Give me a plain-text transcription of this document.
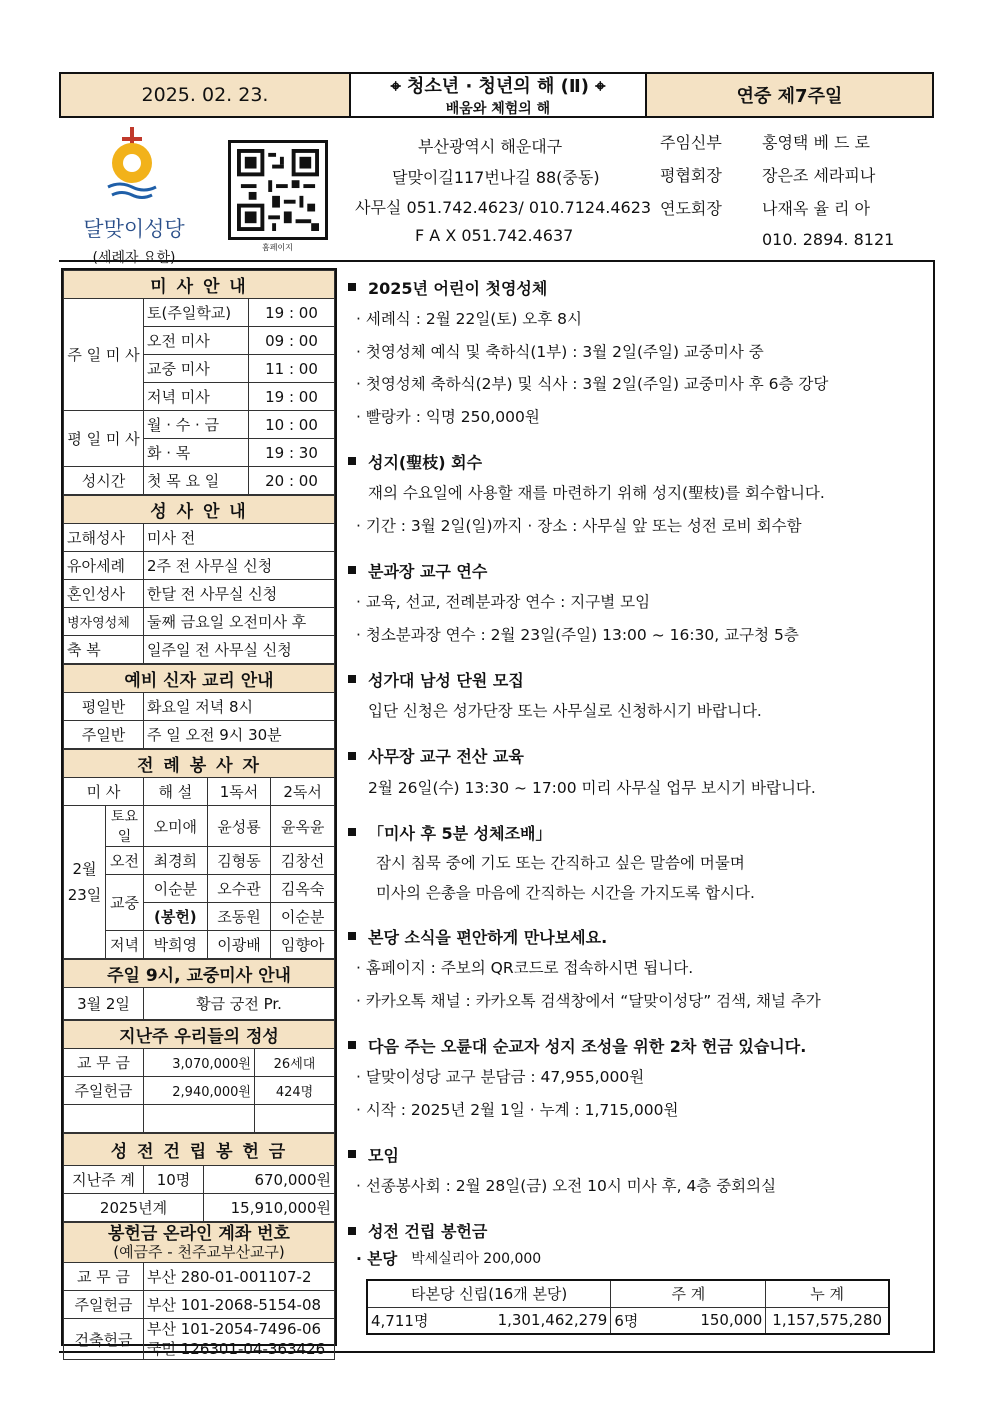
2025. 02. 23.	⌖ 청소년 · 청년의 해 (Ⅱ) ⌖
배움와 체험의 해
연중 제7주일
달맞이성당
(세례자 요한)
홈페이지
부산광역시 해운대구
달맞이길117번나길 88(중동)
사무실 051.742.4623/ 010.7124.4623
F A X 051.742.4637
주임신부	홍영택 베 드 로
평협회장	장은조 세라피나
연도회장	나재옥 율 리 아
010. 2894. 8121
미 사 안 내		
주 일 미 사	토(주일학교)	19 : 00
	오전 미사	09 : 00
	교중 미사	11 : 00
	저녁 미사	19 : 00
평 일 미 사	월 · 수 · 금	10 : 00
	화 · 목	19 : 30
성시간	첫 목 요 일	20 : 00
성 사 안 내	
고해성사	미사 전
유아세례	2주 전 사무실 신청
혼인성사	한달 전 사무실 신청
병자영성체	둘째 금요일 오전미사 후
축 복	일주일 전 사무실 신청
예비 신자 교리 안내	
평일반	화요일 저녁 8시
주일반	주 일 오전 9시 30분
전 례 봉 사 자				
미 사		해 설	1독서	2독서
2월 23일	토요일	오미애	윤성룡	윤옥윤
	오전	최경희	김형동	김창선
	교중	이순분	오수관	김옥숙
		(봉헌)	조동원	이순분
	저녁	박희영	이광배	임향아
주일 9시, 교중미사 안내
3월 2일	황금 궁전 Pr.
지난주 우리들의 정성		
교 무 금	3,070,000원	26세대
주일헌금	2,940,000원	424명

성 전 건 립 봉 헌 금		
지난주 계	10명	670,000원
2025년계		15,910,000원
봉헌금 온라인 계좌 번호
(예금주 - 천주교부산교구)	

교 무 금	부산 280-01-001107-2
주일헌금	부산 101-2068-5154-08
건축헌금	부산 101-2054-7496-06
국민 126301-04-363426
2025년 어린이 첫영성체
· 세례식 : 2월 22일(토) 오후 8시
· 첫영성체 예식 및 축하식(1부) : 3월 2일(주일) 교중미사 중
· 첫영성체 축하식(2부) 및 식사 : 3월 2일(주일) 교중미사 후 6층 강당
· 빨랑카 : 익명 250,000원
성지(聖枝) 회수
재의 수요일에 사용할 재를 마련하기 위해 성지(聖枝)를 회수합니다.
· 기간 : 3월 2일(일)까지 · 장소 : 사무실 앞 또는 성전 로비 회수함
분과장 교구 연수
· 교육, 선교, 전례분과장 연수 : 지구별 모임
· 청소분과장 연수 : 2월 23일(주일) 13:00 ~ 16:30, 교구청 5층
성가대 남성 단원 모집
입단 신청은 성가단장 또는 사무실로 신청하시기 바랍니다.
사무장 교구 전산 교육
2월 26일(수) 13:30 ~ 17:00 미리 사무실 업무 보시기 바랍니다.
「미사 후 5분 성체조배」
잠시 침묵 중에 기도 또는 간직하고 싶은 말씀에 머물며
미사의 은총을 마음에 간직하는 시간을 가지도록 합시다.
본당 소식을 편안하게 만나보세요.
· 홈페이지 : 주보의 QR코드로 접속하시면 됩니다.
· 카카오톡 채널 : 카카오톡 검색창에서 “달맞이성당” 검색, 채널 추가
다음 주는 오륜대 순교자 성지 조성을 위한 2차 헌금 있습니다.
· 달맞이성당 교구 분담금 : 47,955,000원
· 시작 : 2025년 2월 1일 · 누계 : 1,715,000원
모임
· 선종봉사회 : 2월 28일(금) 오전 10시 미사 후, 4층 중회의실
성전 건립 봉헌금
· 본당 박세실리아 200,000
타본당 신립(16개 본당)		주 계		누 계
4,711명	1,301,462,279	6명	150,000	1,157,575,280
